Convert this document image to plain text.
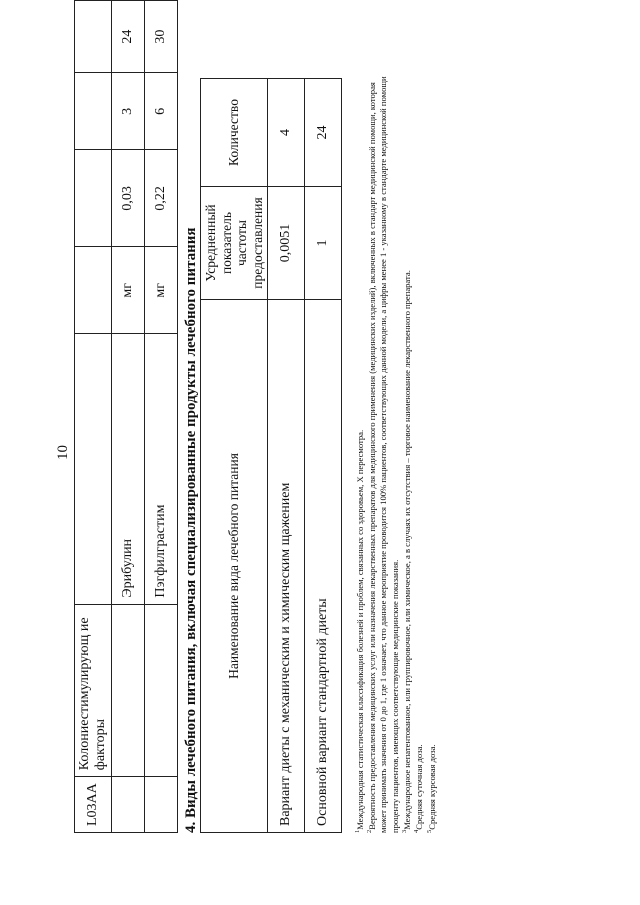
10
L03AA	Колониестимулирующ ие факторы					
		Эрибулин	мг	0,03	3	24
		Пэгфилграстим	мг	0,22	6	30
4. Виды лечебного питания, включая специализированные продукты лечебного питания Наименование вида лечебного питания	Усредненный показатель частоты предоставления	Количество
Вариант диеты с механическим и химическим щажением	0,0051	4
Основной вариант стандартной диеты	1	24

$^1$Международная статистическая классификация болезней и проблем, связанных со здоровьем, X пересмотра.

$^2$Вероятность предоставления медицинских услуг или назначения лекарственных препаратов для медицинского применения (медицинских изделий), включенных в стандарт медицинской помощи, которая может принимать значения от 0 до 1, где 1 означает, что данное мероприятие проводится 100% пациентов, соответствующих данной модели, а цифры менее 1 - указанному в стандарте медицинской помощи проценту пациентов, имеющих соответствующие медицинские показания. $^3$Международное непатентованное, или группировочное, или химическое, а в случаях их отсутствия – торговое наименование лекарственного препарата.

$^4$Средняя суточная доза.

$^5$Средняя курсовая доза.
